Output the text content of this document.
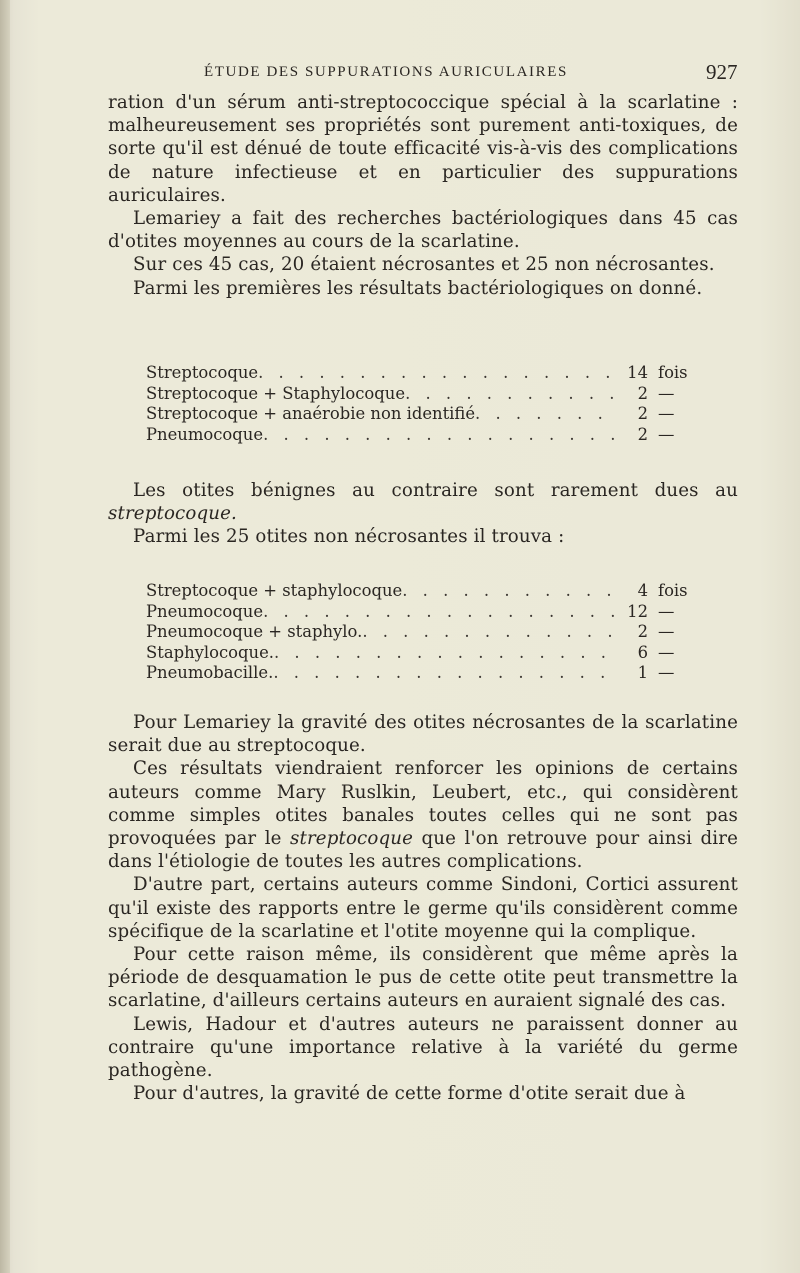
ÉTUDE DES SUPPURATIONS AURICULAIRES	927

ration d'un sérum anti-streptococcique spécial à la scarlatine : malheureusement ses propriétés sont purement anti-toxiques, de sorte qu'il est dénué de toute efficacité vis-à-vis des complications de nature infectieuse et en particulier des suppurations auriculaires.

Lemariey a fait des recherches bactériologiques dans 45 cas d'otites moyennes au cours de la scarlatine.

Sur ces 45 cas, 20 étaient nécrosantes et 25 non nécrosantes.

Parmi les premières les résultats bactériologiques on donné.

Streptocoque . . .	14 fois
Streptocoque + Staphylocoque . . .	2 —
Streptocoque + anaérobie non identifié . . .	2 —
Pneumocoque . . .	2 —

Les otites bénignes au contraire sont rarement dues au streptocoque.

Parmi les 25 otites non nécrosantes il trouva :

Streptocoque + staphylocoque . . .	4 fois
Pneumocoque . . .	12 —
Pneumocoque + staphylo. . . .	2 —
Staphylocoque. . . .	6 —
Pneumobacille. . . .	1 —

Pour Lemariey la gravité des otites nécrosantes de la scarlatine serait due au streptocoque.

Ces résultats viendraient renforcer les opinions de certains auteurs comme Mary Ruslkin, Leubert, etc., qui considèrent comme simples otites banales toutes celles qui ne sont pas provoquées par le streptocoque que l'on retrouve pour ainsi dire dans l'étiologie de toutes les autres complications.

D'autre part, certains auteurs comme Sindoni, Cortici assurent qu'il existe des rapports entre le germe qu'ils considèrent comme spécifique de la scarlatine et l'otite moyenne qui la complique.

Pour cette raison même, ils considèrent que même après la période de desquamation le pus de cette otite peut transmettre la scarlatine, d'ailleurs certains auteurs en auraient signalé des cas.

Lewis, Hadour et d'autres auteurs ne paraissent donner au contraire qu'une importance relative à la variété du germe pathogène.

Pour d'autres, la gravité de cette forme d'otite serait due à
